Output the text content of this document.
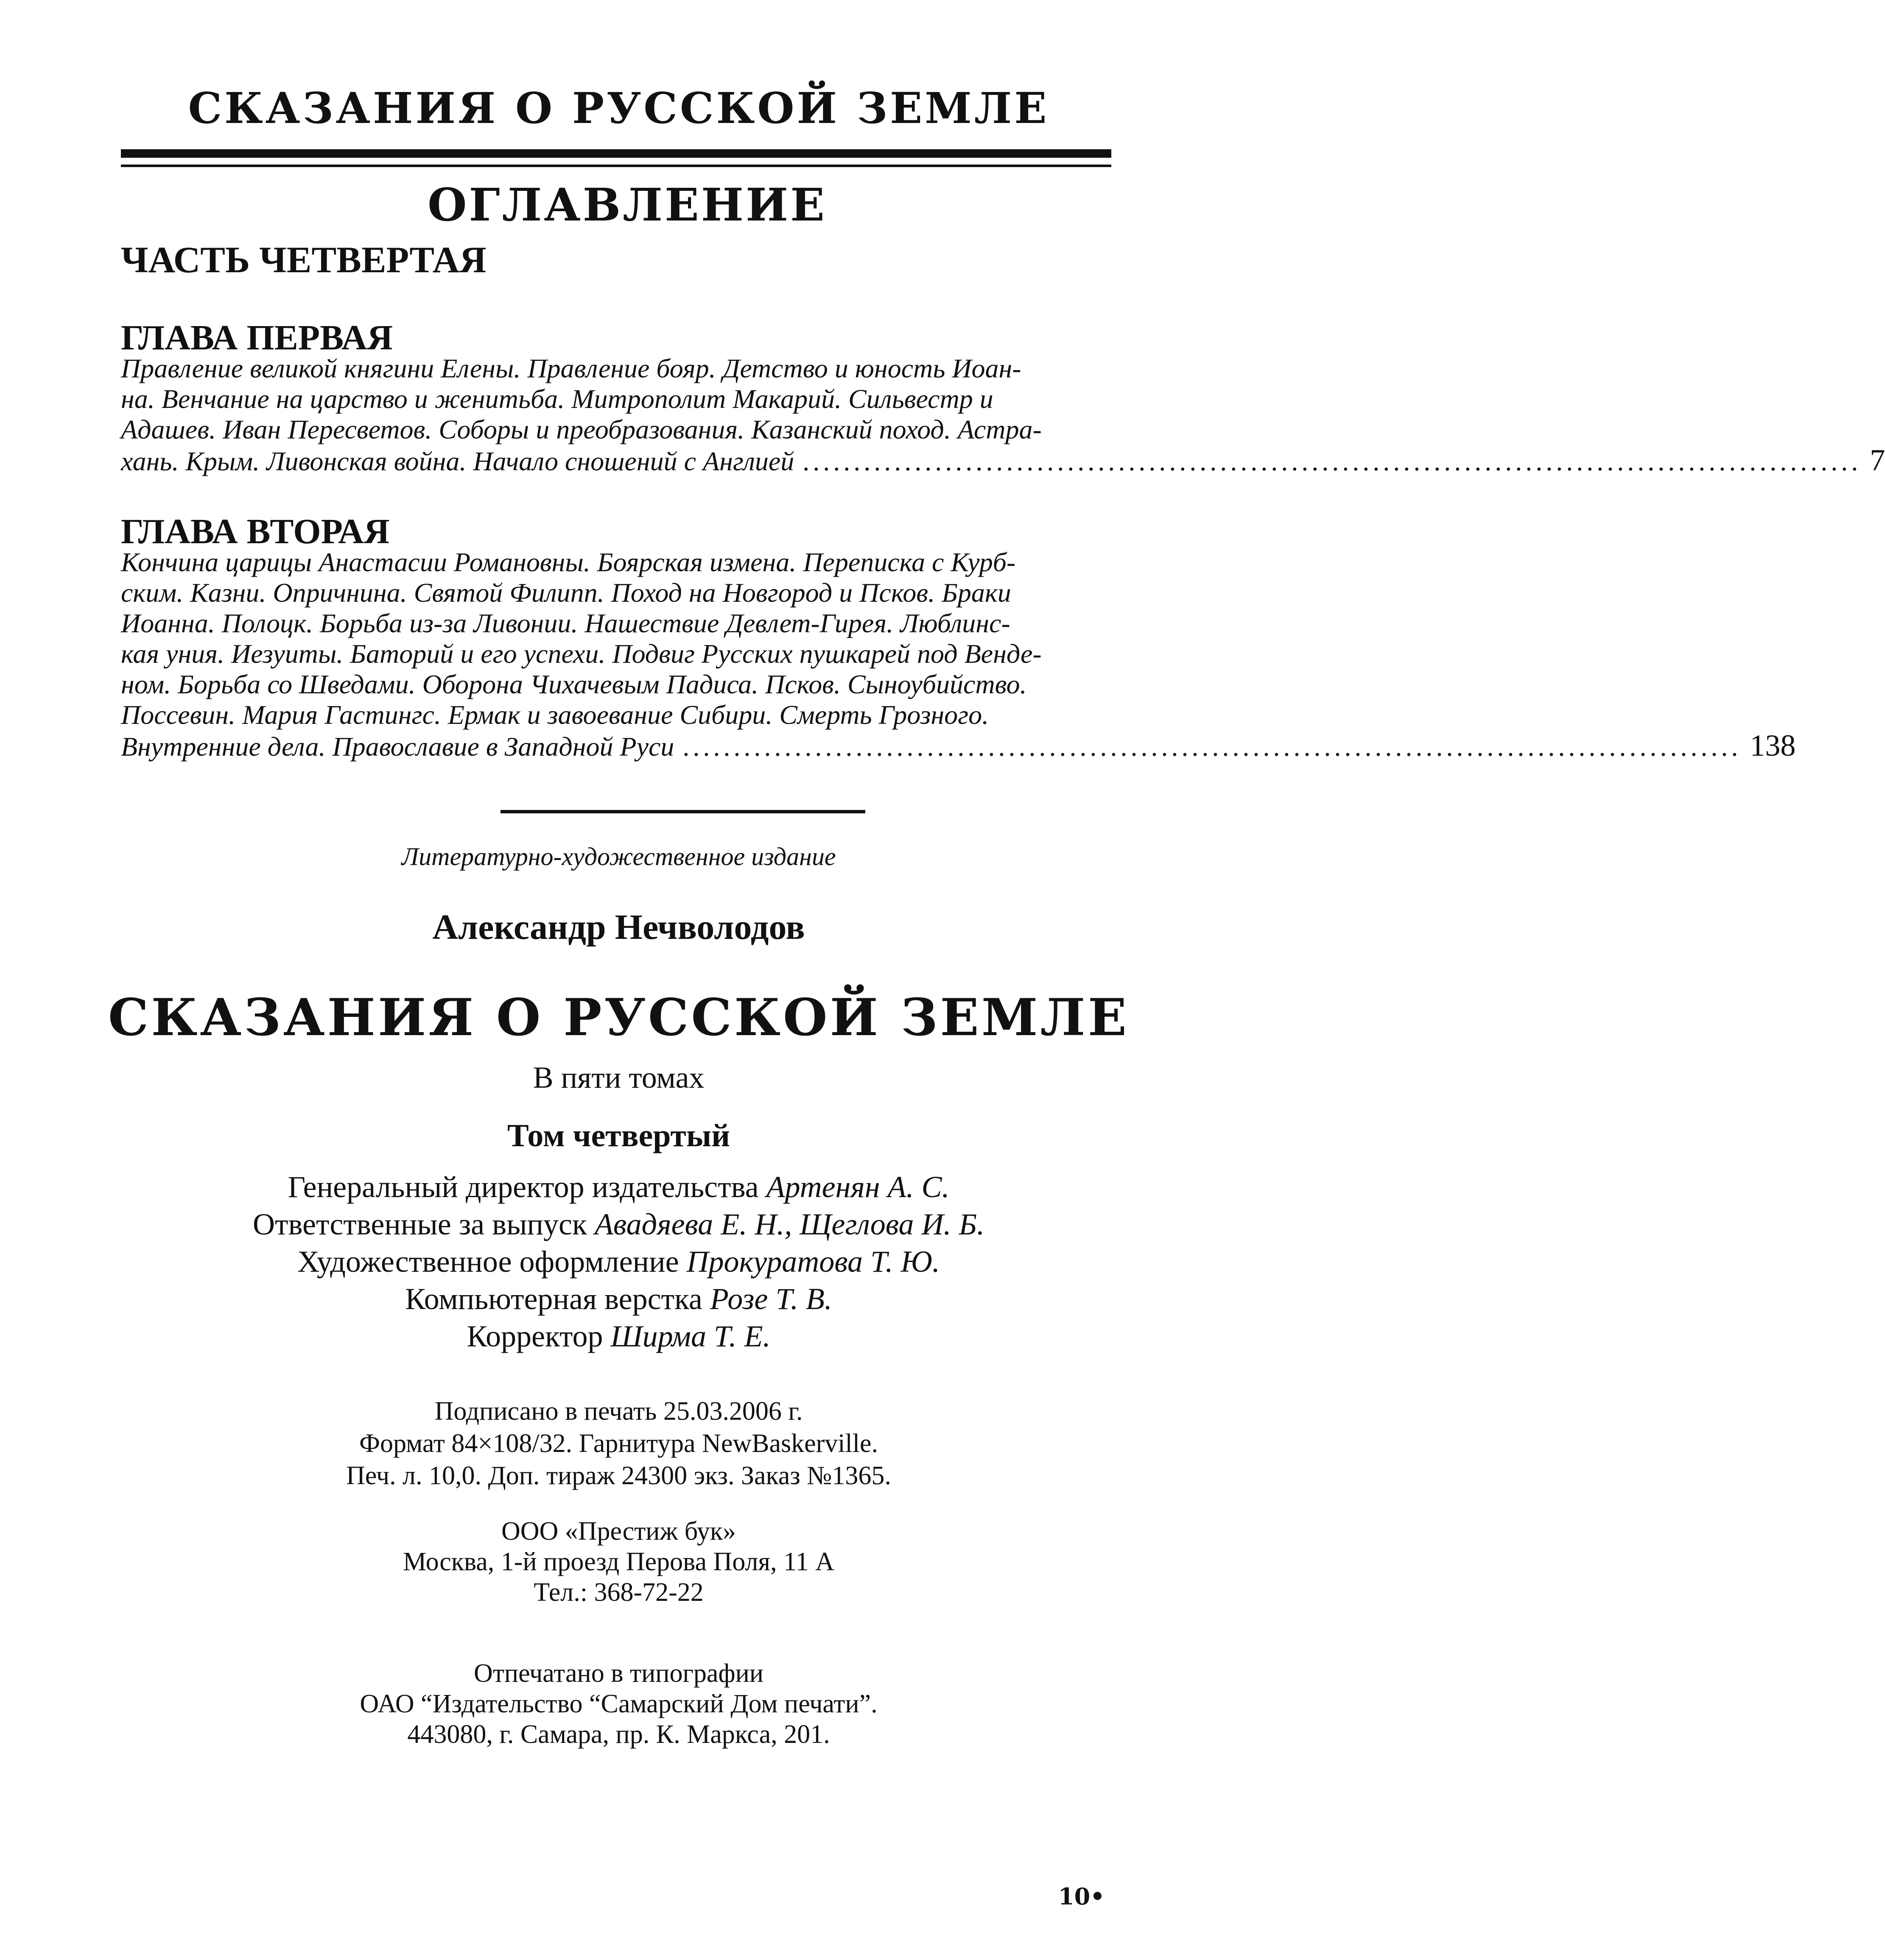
СКАЗАНИЯ О РУССКОЙ ЗЕМЛЕ
ОГЛАВЛЕНИЕ
ЧАСТЬ ЧЕТВЕРТАЯ
ГЛАВА ПЕРВАЯ
Правление великой княгини Елены. Правление бояр. Детство и юность Иоан-
на. Венчание на царство и женитьба. Митрополит Макарий. Сильвестр и
Адашев. Иван Пересветов. Соборы и преобразования. Казанский поход. Астра-
хань. Крым. Ливонская война. Начало сношений с Англией ........................................................................................................ 7
ГЛАВА ВТОРАЯ
Кончина царицы Анастасии Романовны. Боярская измена. Переписка с Курб-
ским. Казни. Опричнина. Святой Филипп. Поход на Новгород и Псков. Браки
Иоанна. Полоцк. Борьба из-за Ливонии. Нашествие Девлет-Гирея. Люблинс-
кая уния. Иезуиты. Баторий и его успехи. Подвиг Русских пушкарей под Венде-
ном. Борьба со Шведами. Оборона Чихачевым Падиса. Псков. Сыноубийство.
Поссевин. Мария Гастингс. Ермак и завоевание Сибири. Смерть Грозного.
Внутренние дела. Православие в Западной Руси ........................................................................................................ 138
Литературно-художественное издание
Александр Нечволодов
СКАЗАНИЯ О РУССКОЙ ЗЕМЛЕ
В пяти томах
Том четвертый
Генеральный директор издательства Артенян А. С.
Ответственные за выпуск Авадяева Е. Н., Щеглова И. Б.
Художественное оформление Прокуратова Т. Ю.
Компьютерная верстка Розе Т. В.
Корректор Ширма Т. Е.
Подписано в печать 25.03.2006 г.
Формат 84×108/32. Гарнитура NewBaskerville.
Печ. л. 10,0. Доп. тираж 24300 экз. Заказ №1365.
ООО «Престиж бук»
Москва, 1-й проезд Перова Поля, 11 А
Тел.: 368-72-22
Отпечатано в типографии
ОАО “Издательство “Самарский Дом печати”.
443080, г. Самара, пр. К. Маркса, 201.
10•
